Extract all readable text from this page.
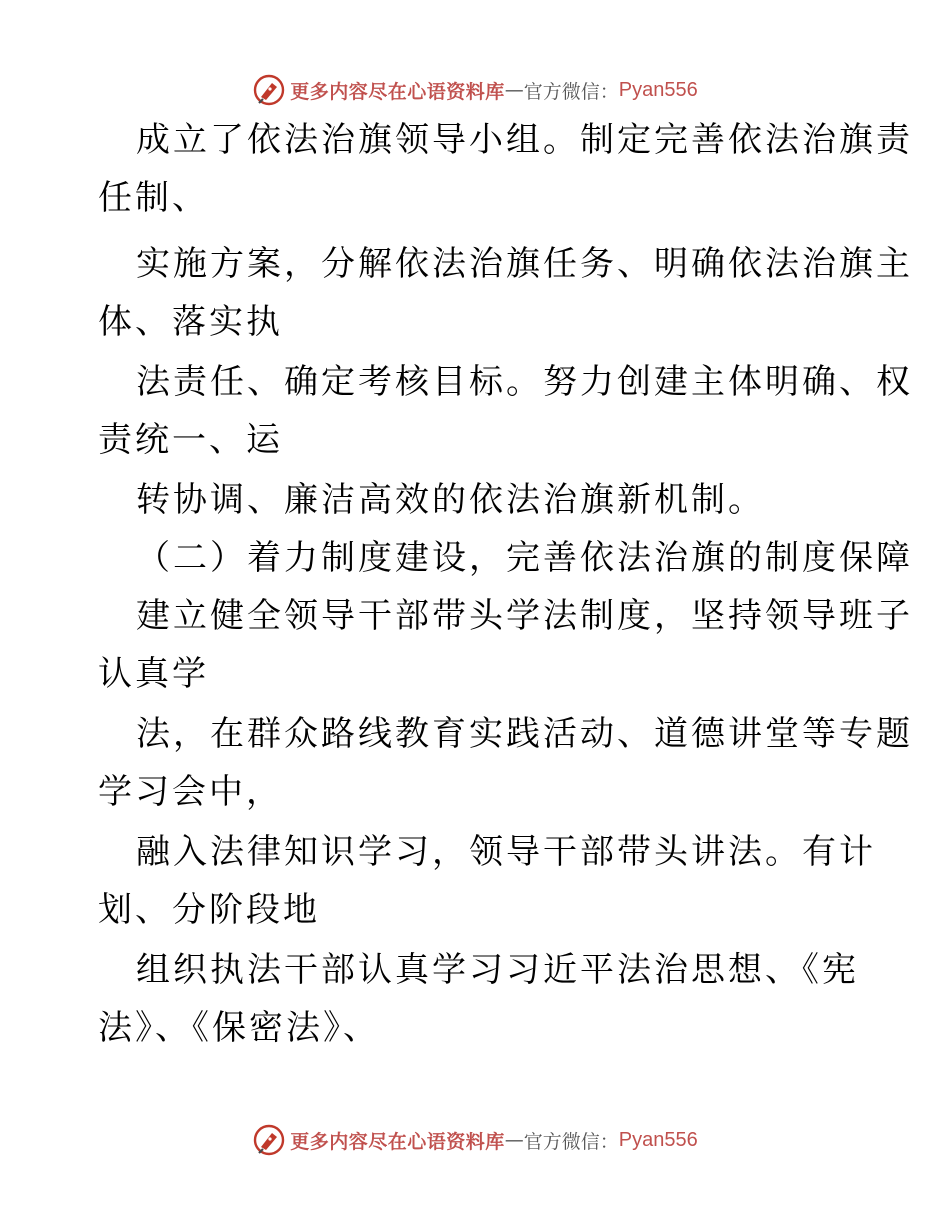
更多内容尽在心语资料库 — 官方微信： Pyan556
成立了依法治旗领导小组。制定完善依法治旗责
任制、
实施方案，分解依法治旗任务、明确依法治旗主
体、落实执
法责任、确定考核目标。努力创建主体明确、权
责统一、运
转协调、廉洁高效的依法治旗新机制。
（二）着力制度建设，完善依法治旗的制度保障
建立健全领导干部带头学法制度，坚持领导班子
认真学
法，在群众路线教育实践活动、道德讲堂等专题
学习会中，
融入法律知识学习，领导干部带头讲法。有计
划、分阶段地
组织执法干部认真学习习近平法治思想、《宪
法》、《保密法》、
更多内容尽在心语资料库 — 官方微信： Pyan556
